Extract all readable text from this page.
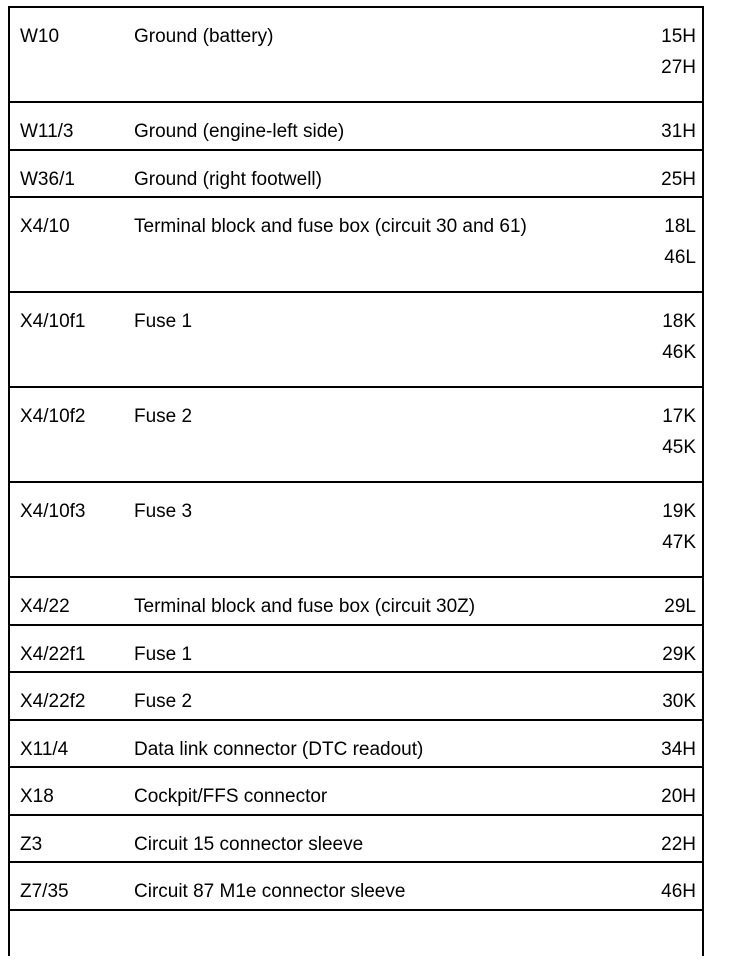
W10	Ground (battery)	15H
27H
W11/3	Ground (engine-left side)	31H
W36/1	Ground (right footwell)	25H
X4/10	Terminal block and fuse box (circuit 30 and 61)	18L
46L
X4/10f1	Fuse 1	18K
46K
X4/10f2	Fuse 2	17K
45K
X4/10f3	Fuse 3	19K
47K
X4/22	Terminal block and fuse box (circuit 30Z)	29L
X4/22f1	Fuse 1	29K
X4/22f2	Fuse 2	30K
X11/4	Data link connector (DTC readout)	34H
X18	Cockpit/FFS connector	20H
Z3	Circuit 15 connector sleeve	22H
Z7/35	Circuit 87 M1e connector sleeve	46H
